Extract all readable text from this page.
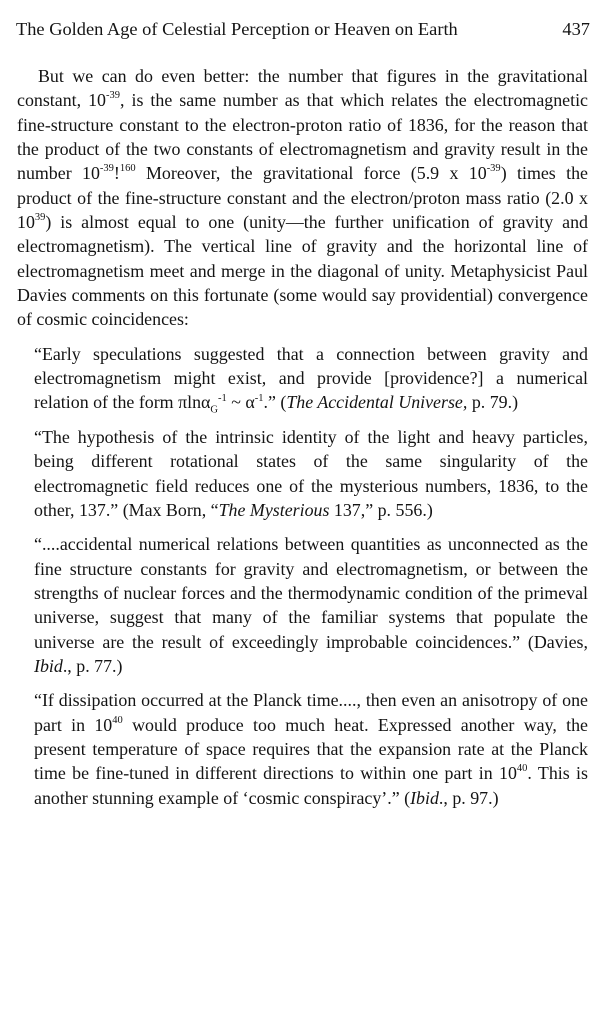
The Golden Age of Celestial Perception or Heaven on Earth	437

But we can do even better: the number that figures in the gravitational constant, $10^{-39}$, is the same number as that which relates the electromagnetic fine-structure constant to the electron-proton ratio of 1836, for the reason that the product of the two constants of electromagnetism and gravity result in the number $10^{-39}!^{160}$ Moreover, the gravitational force (5.9 x $10^{-39}$) times the product of the fine-structure constant and the electron/proton mass ratio (2.0 x $10^{39}$) is almost equal to one (unity—the further unification of gravity and electromagnetism). The vertical line of gravity and the horizontal line of electromagnetism meet and merge in the diagonal of unity. Metaphysicist Paul Davies comments on this fortunate (some would say providential) convergence of cosmic coincidences:

“Early speculations suggested that a connection between gravity and electromagnetism might exist, and provide [providence?] a numerical relation of the form πlnα$_G^{-1}$ ~ $\alpha^{-1}$.” (The Accidental Universe, p. 79.)

“The hypothesis of the intrinsic identity of the light and heavy particles, being different rotational states of the same singularity of the electromagnetic field reduces one of the mysterious numbers, 1836, to the other, 137.” (Max Born, “The Mysterious 137,” p. 556.)

“....accidental numerical relations between quantities as unconnected as the fine structure constants for gravity and electromagnetism, or between the strengths of nuclear forces and the thermodynamic condition of the primeval universe, suggest that many of the familiar systems that populate the universe are the result of exceedingly improbable coincidences.” (Davies, Ibid., p. 77.)

“If dissipation occurred at the Planck time...., then even an anisotropy of one part in $10^{40}$ would produce too much heat. Expressed another way, the present temperature of space requires that the expansion rate at the Planck time be fine-tuned in different directions to within one part in $10^{40}$. This is another stunning example of ‘cosmic conspiracy’.” (Ibid., p. 97.)
